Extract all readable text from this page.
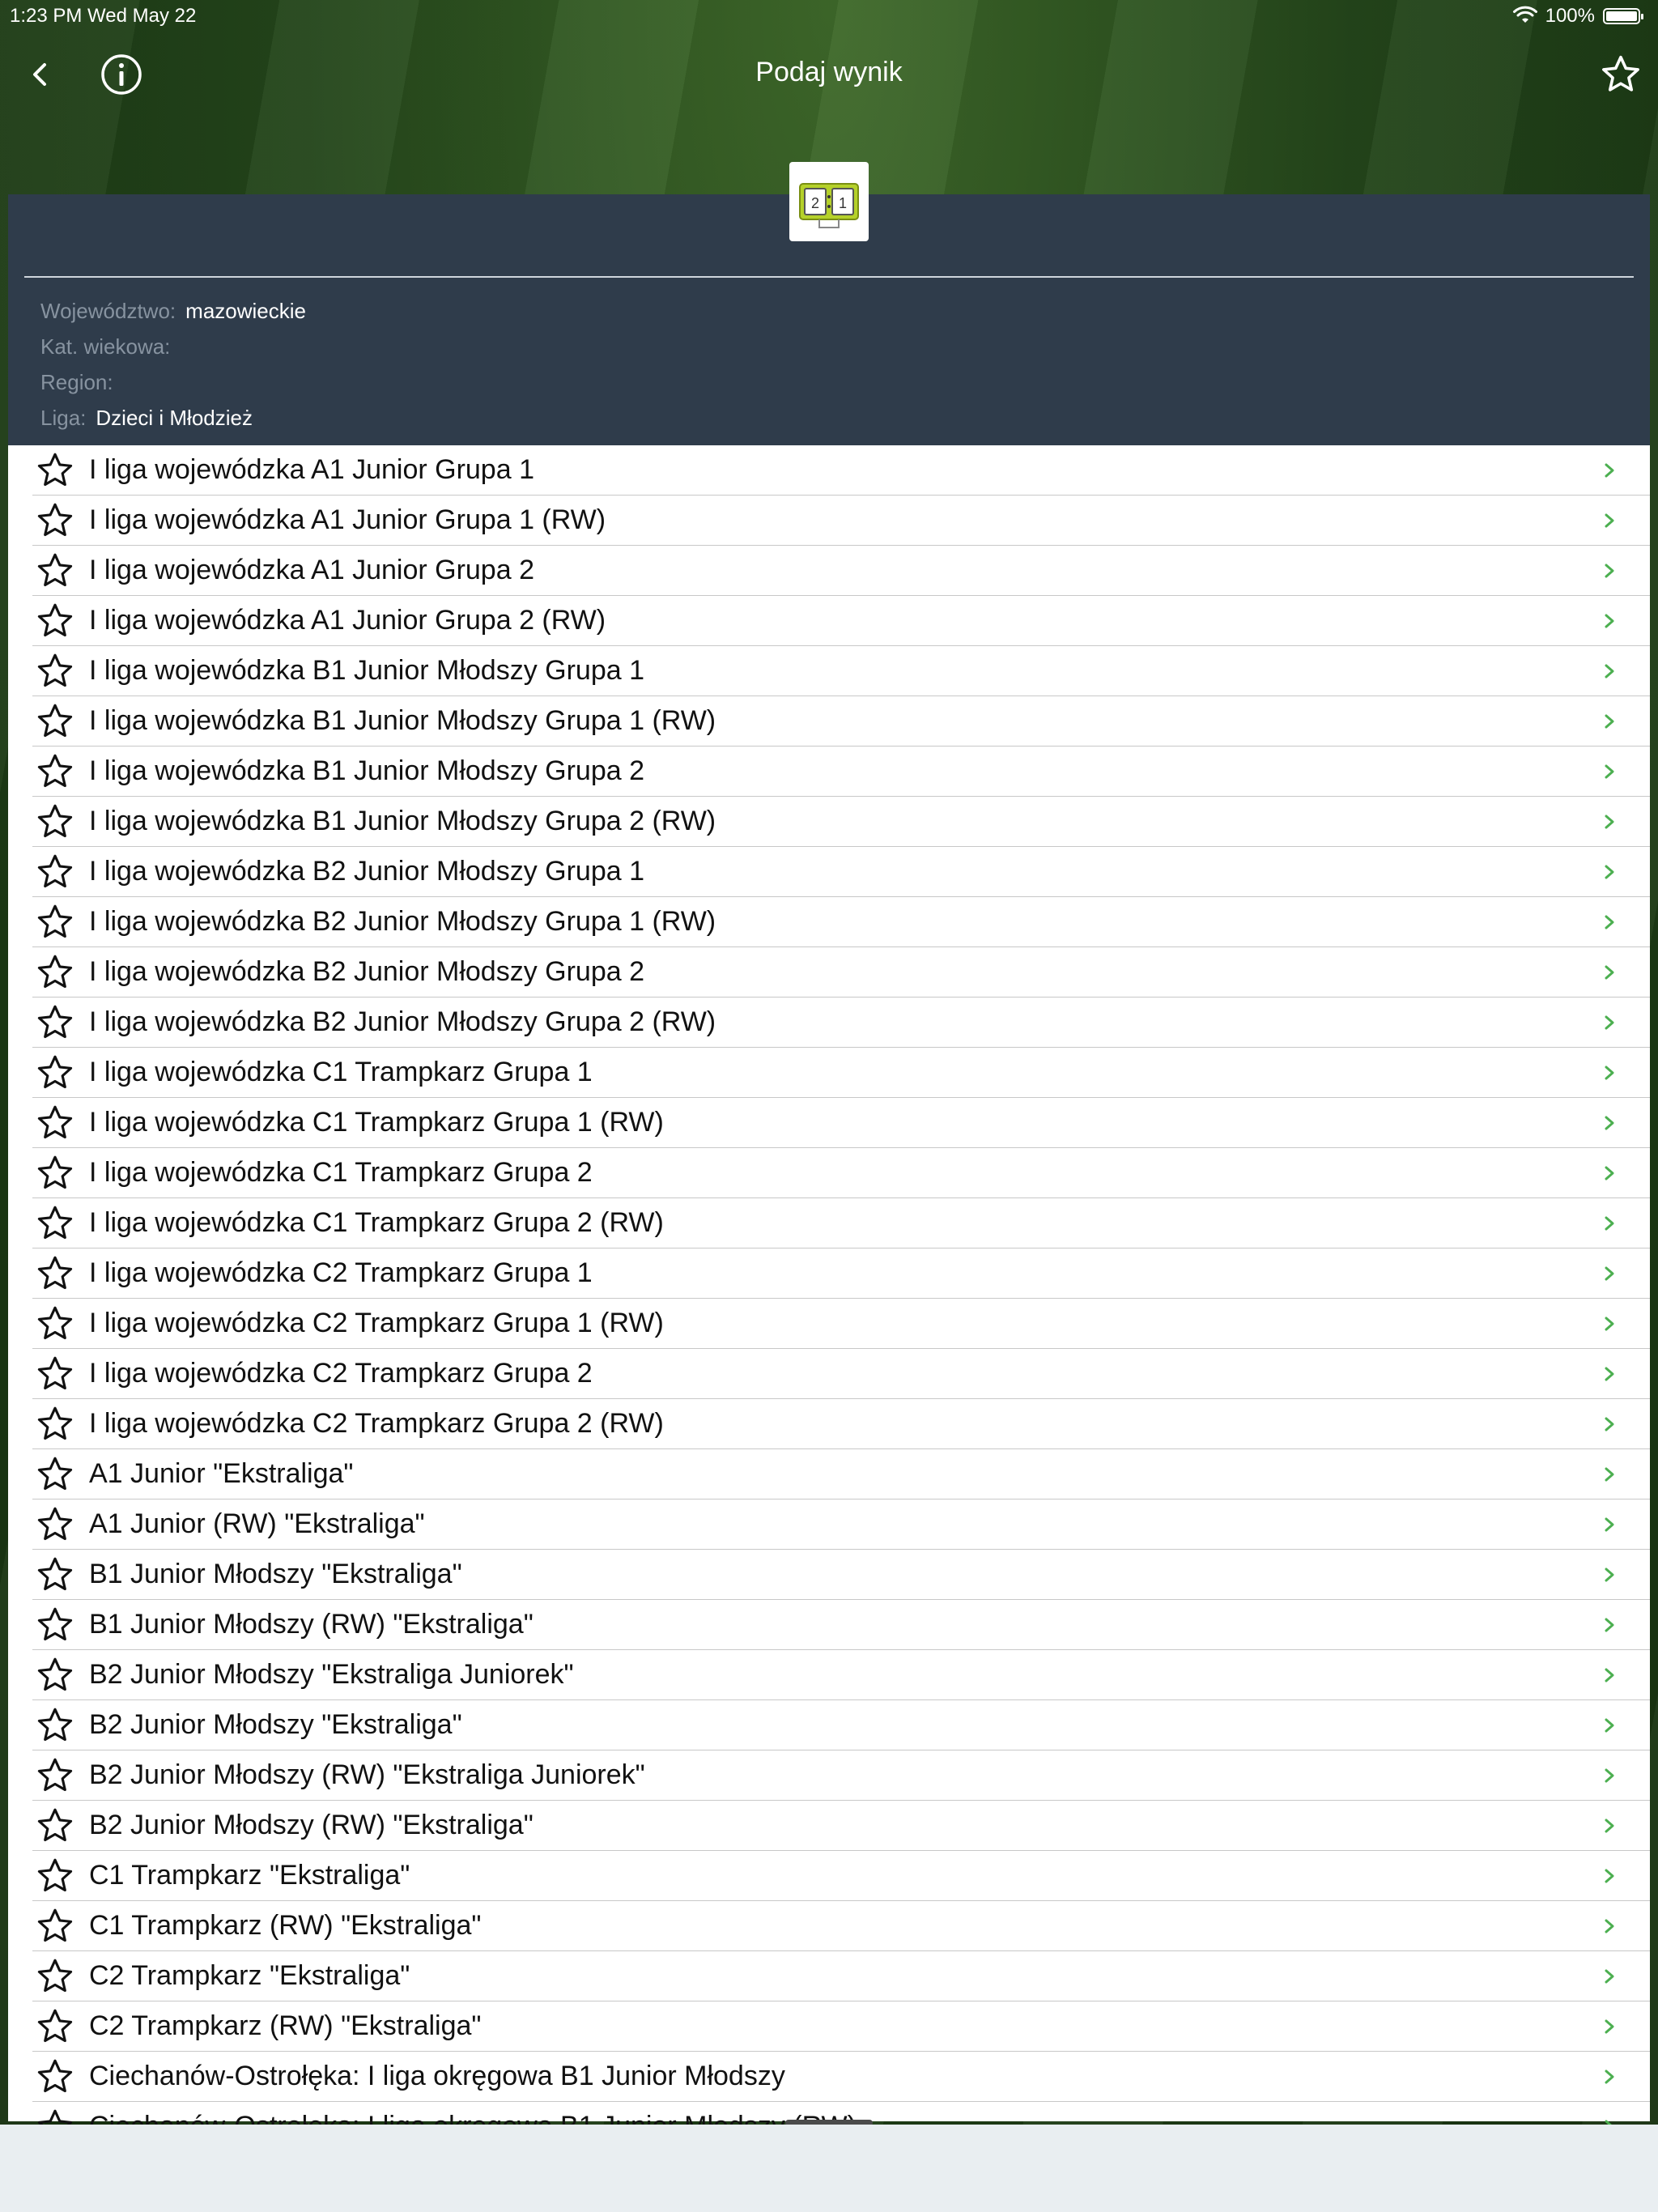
1:23 PM Wed May 22	100%
Podaj wynik
2 1
Województwo: mazowieckie
Kat. wiekowa:
Region:
Liga: Dzieci i Młodzież
I liga wojewódzka A1 Junior Grupa 1
I liga wojewódzka A1 Junior Grupa 1 (RW)
I liga wojewódzka A1 Junior Grupa 2
I liga wojewódzka A1 Junior Grupa 2 (RW)
I liga wojewódzka B1 Junior Młodszy Grupa 1
I liga wojewódzka B1 Junior Młodszy Grupa 1 (RW)
I liga wojewódzka B1 Junior Młodszy Grupa 2
I liga wojewódzka B1 Junior Młodszy Grupa 2 (RW)
I liga wojewódzka B2 Junior Młodszy Grupa 1
I liga wojewódzka B2 Junior Młodszy Grupa 1 (RW)
I liga wojewódzka B2 Junior Młodszy Grupa 2
I liga wojewódzka B2 Junior Młodszy Grupa 2 (RW)
I liga wojewódzka C1 Trampkarz Grupa 1
I liga wojewódzka C1 Trampkarz Grupa 1 (RW)
I liga wojewódzka C1 Trampkarz Grupa 2
I liga wojewódzka C1 Trampkarz Grupa 2 (RW)
I liga wojewódzka C2 Trampkarz Grupa 1
I liga wojewódzka C2 Trampkarz Grupa 1 (RW)
I liga wojewódzka C2 Trampkarz Grupa 2
I liga wojewódzka C2 Trampkarz Grupa 2 (RW)
A1 Junior "Ekstraliga"
A1 Junior (RW) "Ekstraliga"
B1 Junior Młodszy "Ekstraliga"
B1 Junior Młodszy (RW) "Ekstraliga"
B2 Junior Młodszy "Ekstraliga Juniorek"
B2 Junior Młodszy "Ekstraliga"
B2 Junior Młodszy (RW) "Ekstraliga Juniorek"
B2 Junior Młodszy (RW) "Ekstraliga"
C1 Trampkarz "Ekstraliga"
C1 Trampkarz (RW) "Ekstraliga"
C2 Trampkarz "Ekstraliga"
C2 Trampkarz (RW) "Ekstraliga"
Ciechanów-Ostrołęka: I liga okręgowa B1 Junior Młodszy
